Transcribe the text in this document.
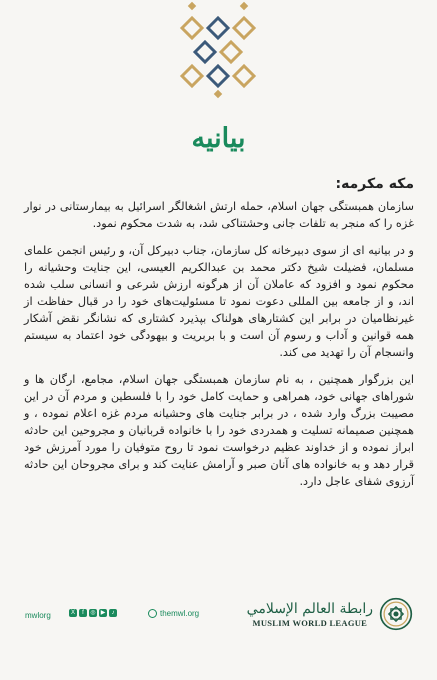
بيانيه
مکه مکرمه:

سازمان همبستگی جهان اسلام، حمله ارتش اشغالگر اسرائیل به بیمارستانی در نوار غزه را که منجر به تلفات جانی وحشتناکی شد، به شدت محکوم نمود.

و در بیانیه ای از سوی دبیرخانه کل سازمان، جناب دبیرکل آن، و رئیس انجمن علمای مسلمان، فضیلت شیخ دکتر محمد بن عبدالکریم العیسی، این جنایت وحشیانه را محکوم نمود و افزود که عاملان آن از هرگونه ارزش شرعی و انسانی سلب شده اند، و از جامعه بین المللی دعوت نمود تا مسئولیت‌های خود را در قبال حفاظت از غیرنظامیان در برابر این کشتارهای هولناک بپذیرد کشتاری که نشانگر نقض آشکار همه قوانین و آداب و رسوم آن است و با بربریت و بیهودگی خود اعتماد به سیستم وانسجام آن را تهدید می کند.

این بزرگوار همچنین ، به نام سازمان همبستگی جهان اسلام، مجامع، ارگان ها و شوراهای جهانی خود، همراهی و حمایت کامل خود را با فلسطین و مردم آن در این مصیبت بزرگ وارد شده ، در برابر جنایت های وحشیانه مردم غزه اعلام نموده ، و همچنین صمیمانه تسلیت و همدردی خود را با خانواده قربانیان و مجروحین این حادثه ابراز نموده و از خداوند عظیم درخواست نمود تا روح متوفیان را مورد آمرزش خود قرار دهد و به خانواده های آنان صبر و آرامش عنایت کند و برای مجروحان این حادثه آرزوی شفای عاجل دارد.

mwlorg	X	f	◎ ▶	♪	themwl.org	رابطة العالم الإسلامي
MUSLIM WORLD LEAGUE
